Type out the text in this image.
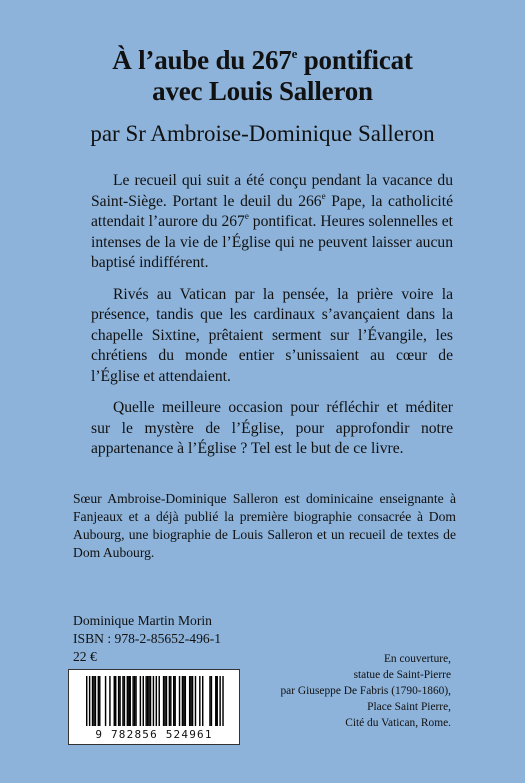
À l’aube du 267e pontificat
avec Louis Salleron
par Sr Ambroise-Dominique Salleron

Le recueil qui suit a été conçu pendant la vacance du Saint-Siège. Portant le deuil du 266e Pape, la catholicité attendait l’aurore du 267e pontificat. Heures solennelles et intenses de la vie de l’Église qui ne peuvent laisser aucun baptisé indifférent.

Rivés au Vatican par la pensée, la prière voire la présence, tandis que les cardinaux s’avançaient dans la chapelle Sixtine, prêtaient serment sur l’Évangile, les chrétiens du monde entier s’unissaient au cœur de l’Église et attendaient.

Quelle meilleure occasion pour réfléchir et méditer sur le mystère de l’Église, pour approfondir notre appartenance à l’Église ? Tel est le but de ce livre.

Sœur Ambroise-Dominique Salleron est dominicaine enseignante à Fanjeaux et a déjà publié la première biographie consacrée à Dom Aubourg, une biographie de Louis Salleron et un recueil de textes de Dom Aubourg.
Dominique Martin Morin
ISBN : 978-2-85652-496-1
22 €	En couverture,
statue de Saint-Pierre
par Giuseppe De Fabris (1790-1860),
Place Saint Pierre,
Cité du Vatican, Rome.
9 782856 524961
